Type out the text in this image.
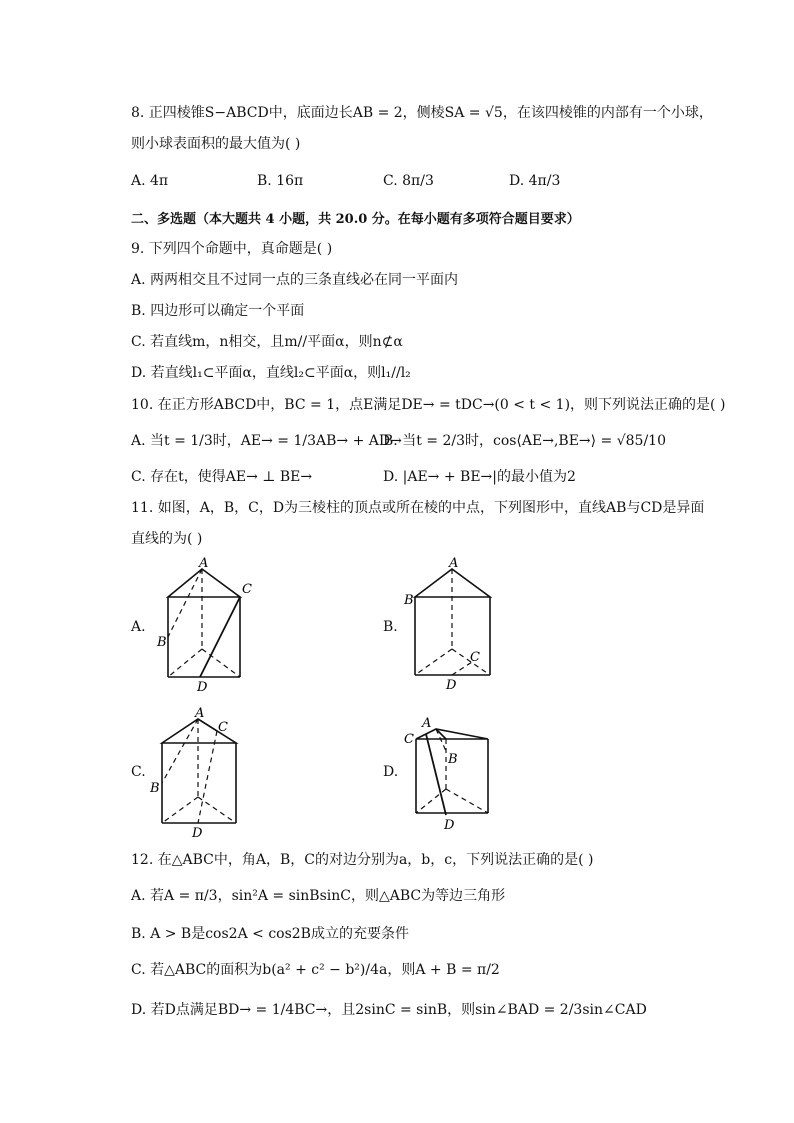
8. 正四棱锥S−ABCD中，底面边长AB = 2，侧棱SA = √5，在该四棱锥的内部有一个小球，
则小球表面积的最大值为( )
A. 4π	B. 16π	C. 8π/3	D. 4π/3
二、多选题（本大题共 4 小题，共 20.0 分。在每小题有多项符合题目要求）
9. 下列四个命题中，真命题是( )
A. 两两相交且不过同一点的三条直线必在同一平面内
B. 四边形可以确定一个平面
C. 若直线m，n相交，且m//平面α，则n⊄α
D. 若直线l₁⊂平面α，直线l₂⊂平面α，则l₁//l₂
10. 在正方形ABCD中，BC = 1，点E满足DE→ = tDC→(0 < t < 1)，则下列说法正确的是( )
A. 当t = 1/3时，AE→ = 1/3AB→ + AD→
B. 当t = 2/3时，cos⟨AE→,BE→⟩ = √85/10
C. 存在t，使得AE→ ⊥ BE→	D. |AE→ + BE→|的最小值为2
11. 如图，A，B，C，D为三棱柱的顶点或所在棱的中点，下列图形中，直线AB与CD是异面
直线的为( )
A.	B.
C.	D.
A
B
C
D
A
B
C
D
A
B
C
D
A
B
C
D
12. 在△ABC中，角A，B，C的对边分别为a，b，c，下列说法正确的是( )
A. 若A = π/3，sin²A = sinBsinC，则△ABC为等边三角形
B. A > B是cos2A < cos2B成立的充要条件
C. 若△ABC的面积为b(a² + c² − b²)/4a，则A + B = π/2
D. 若D点满足BD→ = 1/4BC→，且2sinC = sinB，则sin∠BAD = 2/3sin∠CAD
